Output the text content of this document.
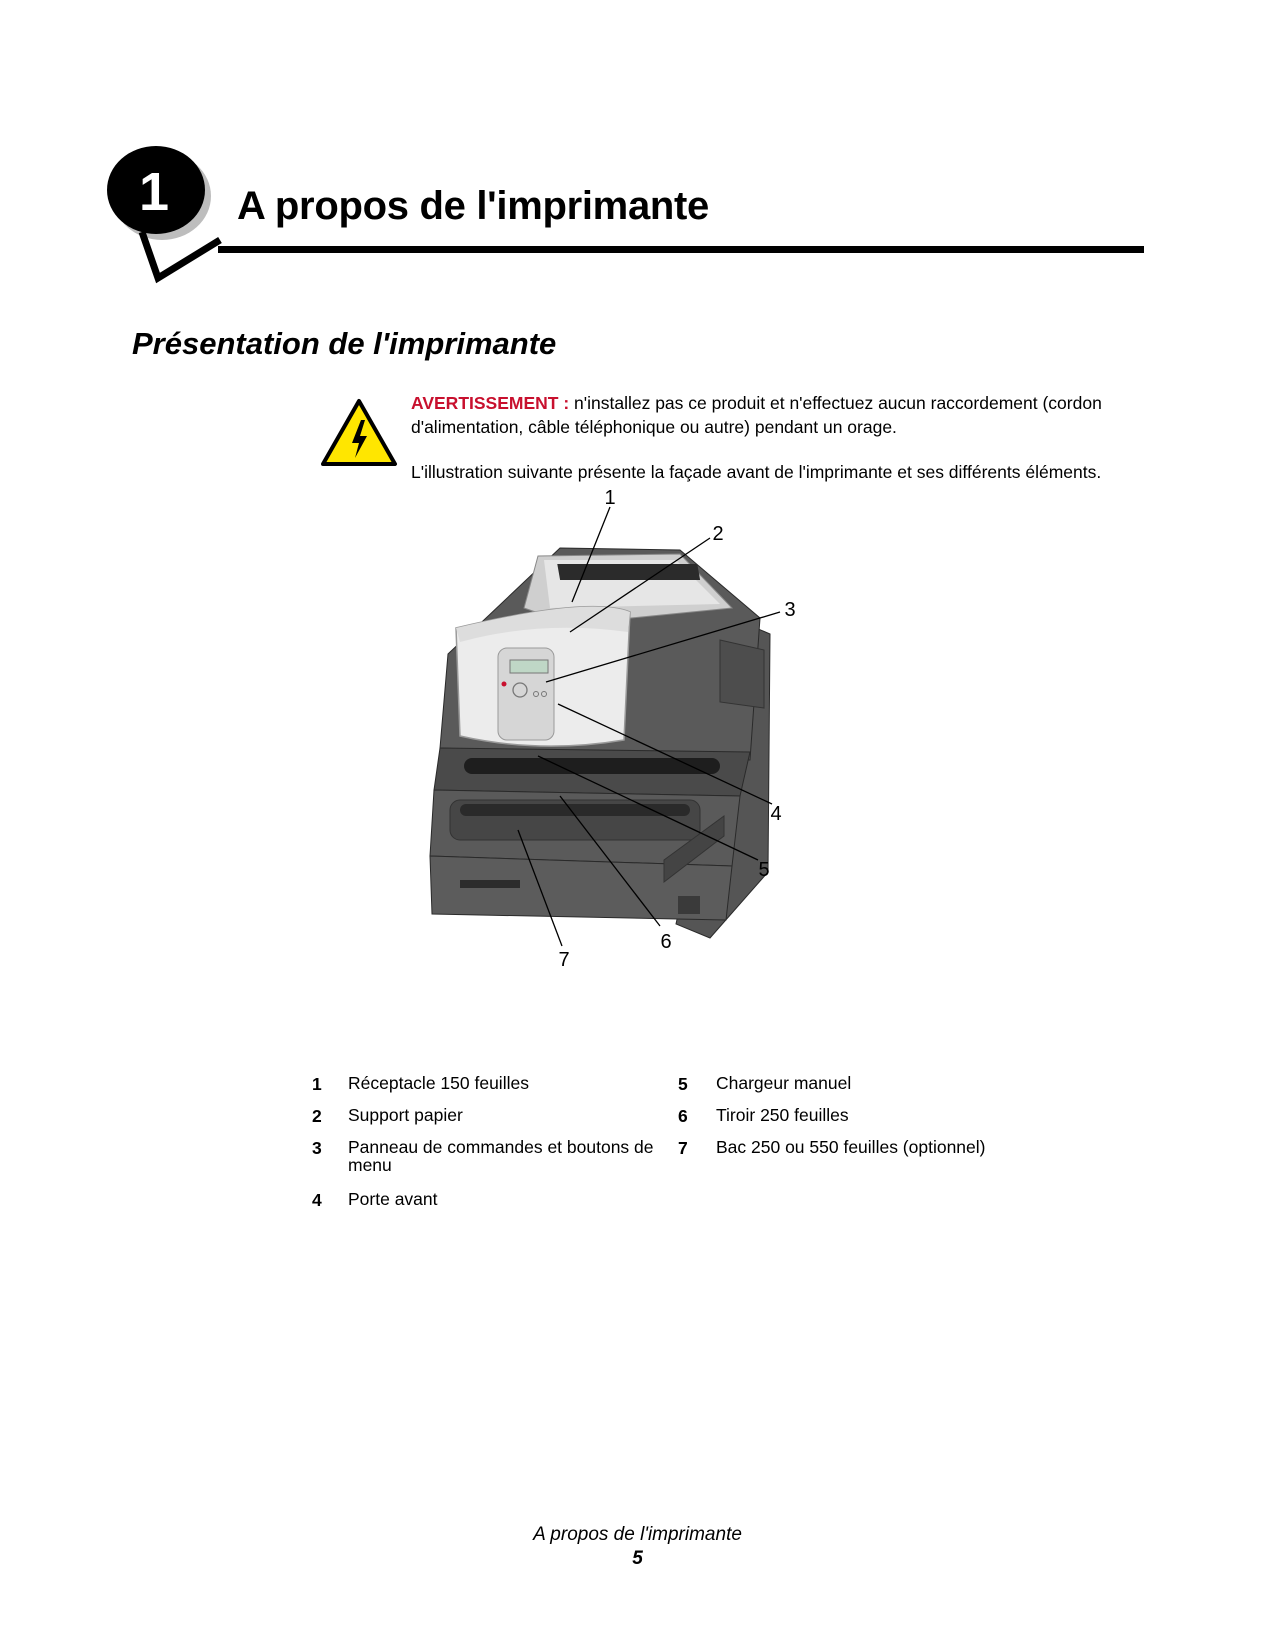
1 A propos de l'imprimante
Présentation de l'imprimante

AVERTISSEMENT : n'installez pas ce produit et n'effectuez aucun raccordement (cordon d'alimentation, câble téléphonique ou autre) pendant un orage.

L'illustration suivante présente la façade avant de l'imprimante et ses différents éléments.

1
2
3
4
5
6
7
1 Réceptacle 150 feuilles
2 Support papier
3 Panneau de commandes et boutons de menu
4 Porte avant
5 Chargeur manuel
6 Tiroir 250 feuilles
7 Bac 250 ou 550 feuilles (optionnel)
A propos de l'imprimante
5
